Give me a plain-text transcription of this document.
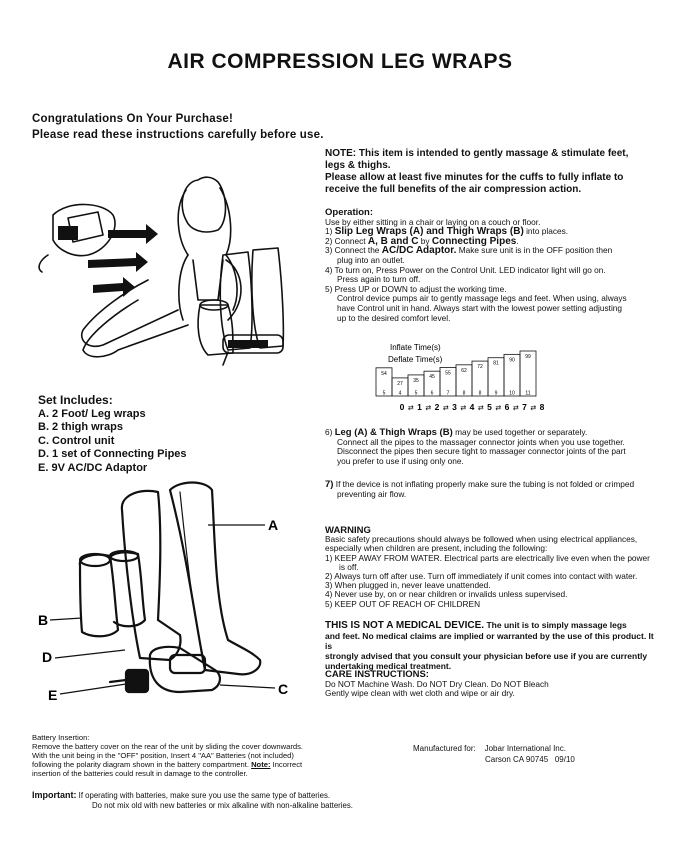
AIR COMPRESSION LEG WRAPS
Congratulations On Your Purchase!
Please read these instructions carefully before use.
NOTE: This item is intended to gently massage & stimulate feet,
legs & thighs.
Please allow at least five minutes for the cuffs to fully inflate to
receive the full benefits of the air compression action.
Operation:
Use by either sitting in a chair or laying on a couch or floor.
1) Slip Leg Wraps (A) and Thigh Wraps (B) into places.
2) Connect A, B and C by Connecting Pipes.
3) Connect the AC/DC Adaptor. Make sure unit is in the OFF position then
plug into an outlet.
4) To turn on, Press Power on the Control Unit. LED indicator light will go on.
Press again to turn off.
5) Press UP or DOWN to adjust the working time.
Control device pumps air to gently massage legs and feet. When using, always
have Control unit in hand. Always start with the lowest power setting adjusting
up to the desired comfort level.
Inflate Time(s)
Deflate Time(s)
54
5
27
4
35
5
45
6
55
7
62
8
72
8
81
9
90
10
99
11
0 ⇄ 1 ⇄ 2 ⇄ 3 ⇄ 4 ⇄ 5 ⇄ 6 ⇄ 7 ⇄ 8
Set Includes:
A. 2 Foot/ Leg wraps
B. 2 thigh wraps
C. Control unit
D. 1 set of Connecting Pipes
E. 9V AC/DC Adaptor
6) Leg (A) & Thigh Wraps (B) may be used together or separately.
Connect all the pipes to the massager connector joints when you use together.
Disconnect the pipes then secure tight to massager connector joints of the part
you prefer to use if using only one.
7) If the device is not inflating properly make sure the tubing is not folded or crimped
preventing air flow.
A
B
C
D
E
WARNING
Basic safety precautions should always be followed when using electrical appliances,
especially when children are present, including the following:
1) KEEP AWAY FROM WATER. Electrical parts are electrically live even when the power
is off.
2) Always turn off after use. Turn off immediately if unit comes into contact with water.
3) When plugged in, never leave unattended.
4) Never use by, on or near children or invalids unless supervised.
5) KEEP OUT OF REACH OF CHILDREN
THIS IS NOT A MEDICAL DEVICE. The unit is to simply massage legs
and feet. No medical claims are implied or warranted by the use of this product. It is
strongly advised that you consult your physician before use if you are currently
undertaking medical treatment.
CARE INSTRUCTIONS:
Do NOT Machine Wash. Do NOT Dry Clean. Do NOT Bleach
Gently wipe clean with wet cloth and wipe or air dry.
Battery Insertion:
Remove the battery cover on the rear of the unit by sliding the cover downwards.
With the unit being in the "OFF" position, Insert 4 "AA" Batteries (not included)
following the polarity diagram shown in the battery compartment. Note: Incorrect
insertion of the batteries could result in damage to the controller.
Manufactured for: Jobar International Inc.
Carson CA 90745 09/10
Important: If operating with batteries, make sure you use the same type of batteries.
Do not mix old with new batteries or mix alkaline with non-alkaline batteries.
